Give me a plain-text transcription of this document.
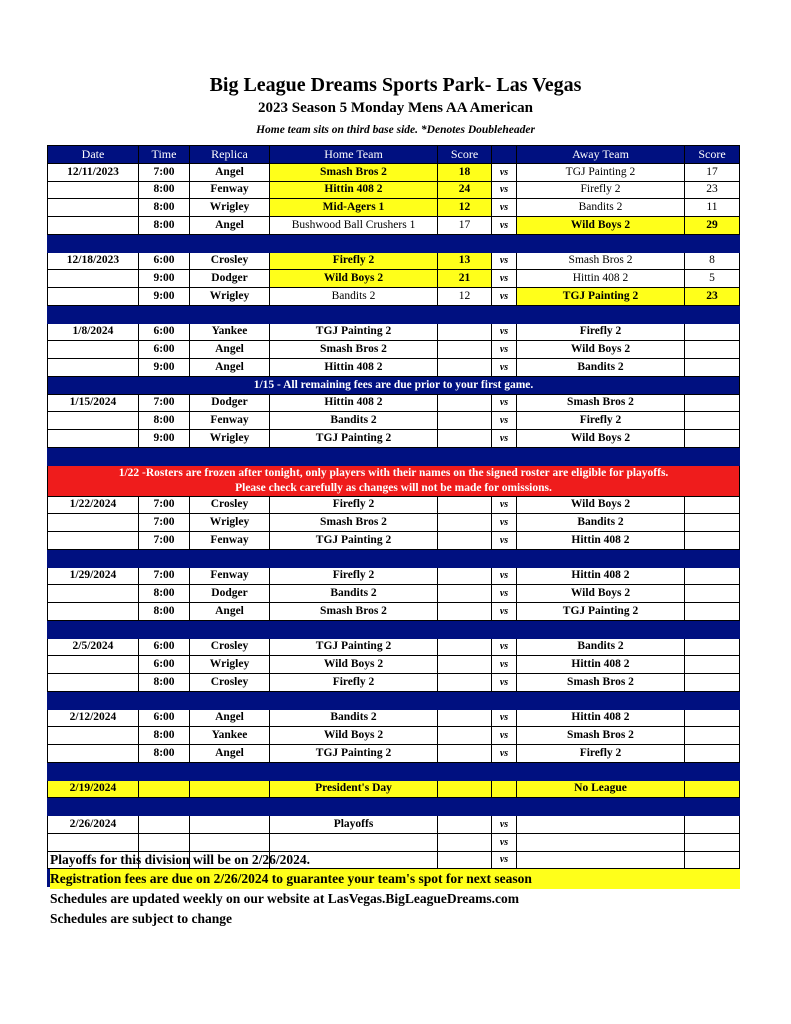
Big League Dreams Sports Park- Las Vegas
2023 Season 5 Monday Mens AA American
Home team sits on third base side. *Denotes Doubleheader
Date	Time	Replica	Home Team	Score		Away Team	Score
12/11/2023	7:00	Angel	Smash Bros 2	18	vs	TGJ Painting 2	17
	8:00	Fenway	Hittin 408 2	24	vs	Firefly 2	23
	8:00	Wrigley	Mid-Agers 1	12	vs	Bandits 2	11
	8:00	Angel	Bushwood Ball Crushers 1	17	vs	Wild Boys 2	29

12/18/2023	6:00	Crosley	Firefly 2	13	vs	Smash Bros 2	8
	9:00	Dodger	Wild Boys 2	21	vs	Hittin 408 2	5
	9:00	Wrigley	Bandits 2	12	vs	TGJ Painting 2	23

1/8/2024	6:00	Yankee	TGJ Painting 2		vs	Firefly 2	
	6:00	Angel	Smash Bros 2		vs	Wild Boys 2	
	9:00	Angel	Hittin 408 2		vs	Bandits 2	
1/15 - All remaining fees are due prior to your first game.							
1/15/2024	7:00	Dodger	Hittin 408 2		vs	Smash Bros 2	
	8:00	Fenway	Bandits 2		vs	Firefly 2	
	9:00	Wrigley	TGJ Painting 2		vs	Wild Boys 2	

1/22 -Rosters are frozen after tonight, only players with their names on the signed roster are eligible for playoffs.
Please check carefully as changes will not be made for omissions.							

1/22/2024	7:00	Crosley	Firefly 2		vs	Wild Boys 2	
	7:00	Wrigley	Smash Bros 2		vs	Bandits 2	
	7:00	Fenway	TGJ Painting 2		vs	Hittin 408 2	

1/29/2024	7:00	Fenway	Firefly 2		vs	Hittin 408 2	
	8:00	Dodger	Bandits 2		vs	Wild Boys 2	
	8:00	Angel	Smash Bros 2		vs	TGJ Painting 2	

2/5/2024	6:00	Crosley	TGJ Painting 2		vs	Bandits 2	
	6:00	Wrigley	Wild Boys 2		vs	Hittin 408 2	
	8:00	Crosley	Firefly 2		vs	Smash Bros 2	

2/12/2024	6:00	Angel	Bandits 2		vs	Hittin 408 2	
	8:00	Yankee	Wild Boys 2		vs	Smash Bros 2	
	8:00	Angel	TGJ Painting 2		vs	Firefly 2	

2/19/2024			President's Day			No League	

2/26/2024			Playoffs		vs		
					vs		
					vs		

Playoffs for this division will be on 2/26/2024.
Registration fees are due on 2/26/2024 to guarantee your team's spot for next season
Schedules are updated weekly on our website at LasVegas.BigLeagueDreams.com
Schedules are subject to change
